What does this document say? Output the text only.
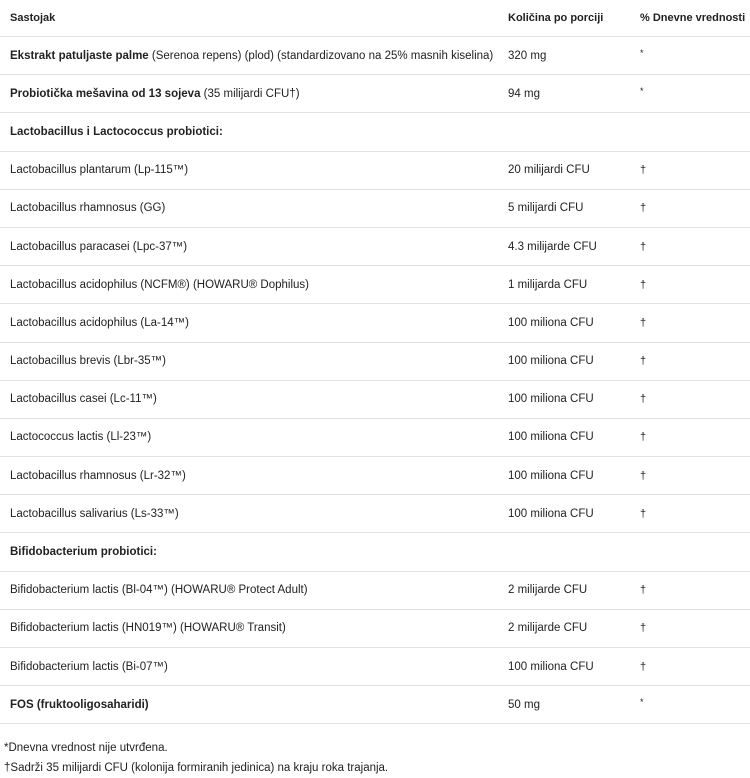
Sastojak	Količina po porciji	% Dnevne vrednosti
Ekstrakt patuljaste palme (Serenoa repens) (plod) (standardizovano na 25% masnih kiselina) 320 mg	*
Probiotička mešavina od 13 sojeva (35 milijardi CFU†)	94 mg	*
Lactobacillus i Lactococcus probiotici:
Lactobacillus plantarum (Lp-115™)	20 milijardi CFU	†
Lactobacillus rhamnosus (GG)	5 milijardi CFU	†
Lactobacillus paracasei (Lpc-37™)	4.3 milijarde CFU	†
Lactobacillus acidophilus (NCFM®) (HOWARU® Dophilus)	1 milijarda CFU	†
Lactobacillus acidophilus (La-14™)	100 miliona CFU	†
Lactobacillus brevis (Lbr-35™)	100 miliona CFU	†
Lactobacillus casei (Lc-11™)	100 miliona CFU	†
Lactococcus lactis (Ll-23™)	100 miliona CFU	†
Lactobacillus rhamnosus (Lr-32™)	100 miliona CFU	†
Lactobacillus salivarius (Ls-33™)	100 miliona CFU	†
Bifidobacterium probiotici:
Bifidobacterium lactis (Bl-04™) (HOWARU® Protect Adult)	2 milijarde CFU	†
Bifidobacterium lactis (HN019™) (HOWARU® Transit)	2 milijarde CFU	†
Bifidobacterium lactis (Bi-07™)	100 miliona CFU	†
FOS (fruktooligosaharidi)	50 mg	*
*Dnevna vrednost nije utvrđena.
†Sadrži 35 milijardi CFU (kolonija formiranih jedinica) na kraju roka trajanja.
